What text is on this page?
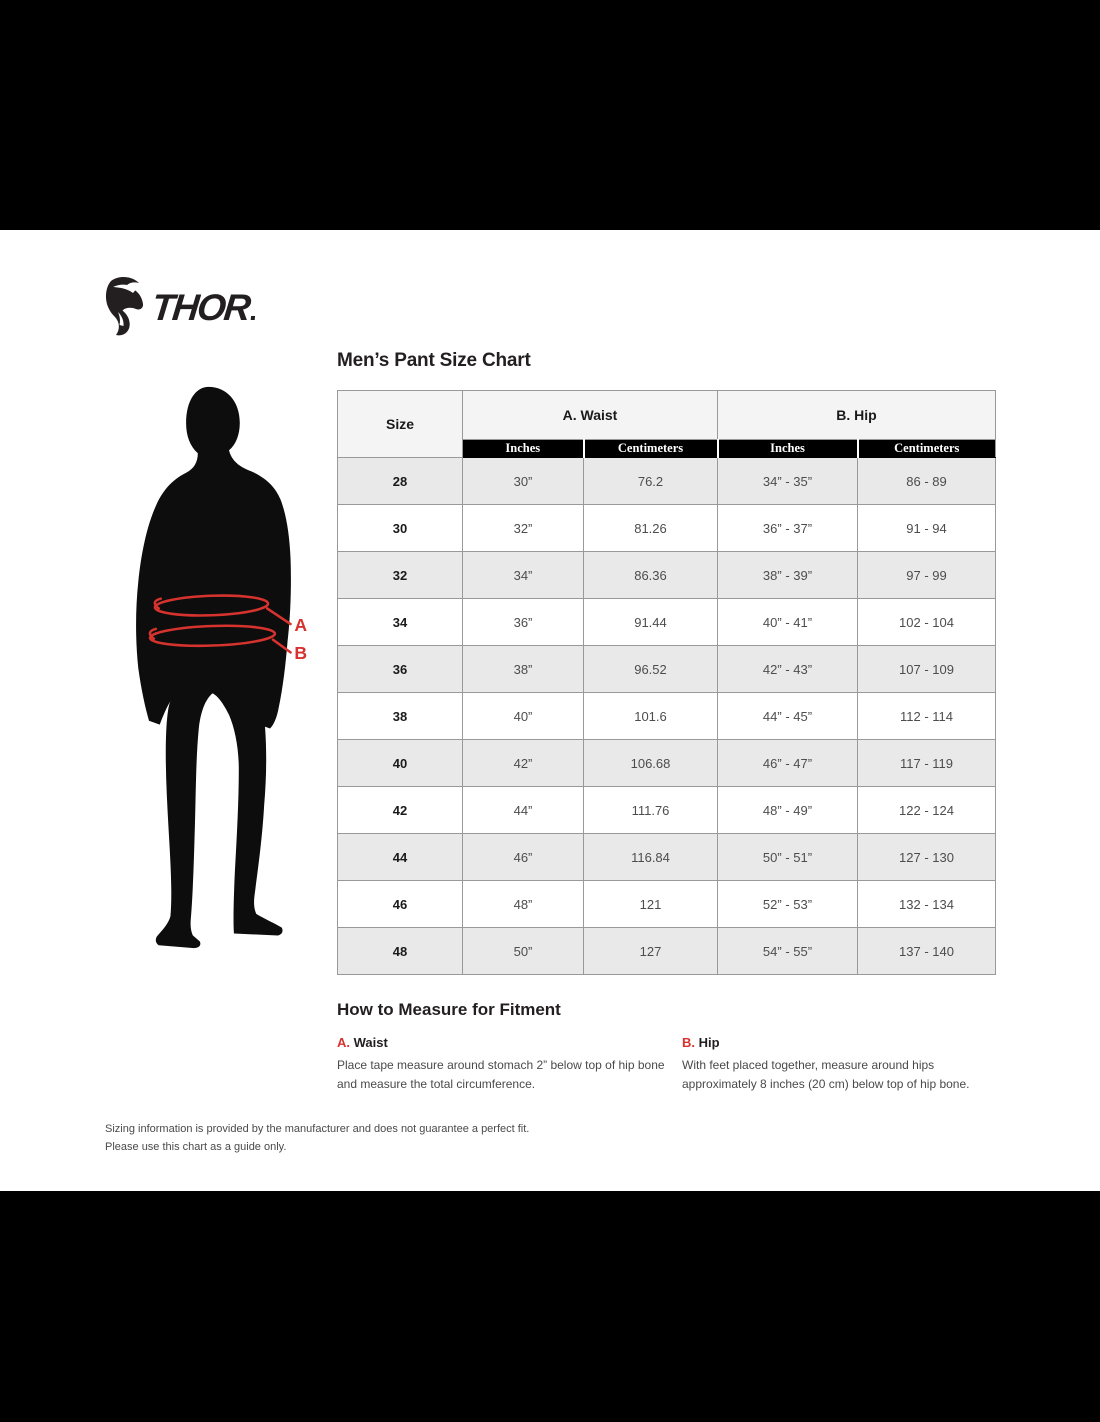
THOR
A
B
Men’s Pant Size Chart
Size	A. Waist		B. Hip	
	Inches	Centimeters	Inches	Centimeters
28	30”	76.2	34” - 35”	86 - 89
30	32”	81.26	36” - 37”	91 - 94
32	34”	86.36	38” - 39”	97 - 99
34	36”	91.44	40” - 41”	102 - 104
36	38”	96.52	42” - 43”	107 - 109
38	40”	101.6	44” - 45”	112 - 114
40	42”	106.68	46” - 47”	117 - 119
42	44”	111.76	48” - 49”	122 - 124
44	46”	116.84	50” - 51”	127 - 130
46	48”	121	52” - 53”	132 - 134
48	50”	127	54” - 55”	137 - 140
How to Measure for Fitment
A. Waist

Place tape measure around stomach 2” below top of hip bone and measure the total circumference.

B. Hip

With feet placed together, measure around hips approximately 8 inches (20 cm) below top of hip bone.

Sizing information is provided by the manufacturer and does not guarantee a perfect fit.
Please use this chart as a guide only.
